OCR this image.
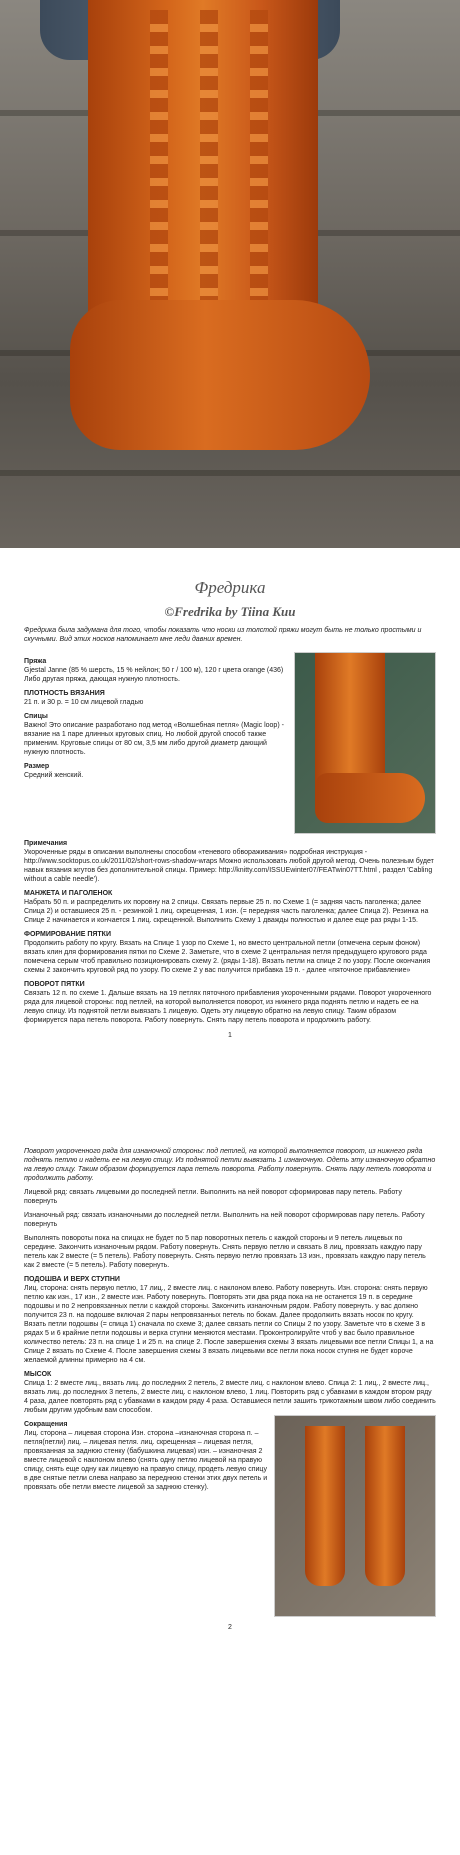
Фредрика
©Fredrika by Tiina Kuu
Фредрика была задумана для того, чтобы показать что носки из толстой пряжи могут быть не только простыми и скучными. Вид этих носков напоминает мне леди давних времен.
Пряжа
Gjestal Janne (85 % шерсть, 15 % нейлон; 50 г / 100 м), 120 г цвета orange (436) Либо другая пряжа, дающая нужную плотность.
ПЛОТНОСТЬ ВЯЗАНИЯ
21 п. и 30 р. = 10 см лицевой гладью
Спицы
Важно! Это описание разработано под метод «Волшебная петля» (Magic loop) - вязание на 1 паре длинных круговых спиц. Но любой другой способ также применим. Круговые спицы от 80 см, 3,5 мм либо другой диаметр дающий нужную плотность.
Размер
Средний женский.
Примечания
Укороченные ряды в описании выполнены способом «теневого обвораживания» подробная инструкция - http://www.socktopus.co.uk/2011/02/short-rows-shadow-wraps Можно использовать любой другой метод. Очень полезным будет навык вязания жгутов без дополнительной спицы. Пример: http://knitty.com/ISSUEwinter07/FEATwin07TT.html , раздел 'Cabling without a cable needle').
МАНЖЕТА И ПАГОЛЕНОК
Набрать 50 п. и распределить их поровну на 2 спицы. Связать первые 25 п. по Схеме 1 (= задняя часть паголенка; далее Спица 2) и оставшиеся 25 п. - резинкой 1 лиц. скрещенная, 1 изн. (= передняя часть паголенка; далее Спица 2). Резинка на Спице 2 начинается и кончается 1 лиц. скрещенной. Выполнить Схему 1 дважды полностью и далее еще раз ряды 1-15.
ФОРМИРОВАНИЕ ПЯТКИ
Продолжить работу по кругу. Вязать на Спице 1 узор по Схеме 1, но вместо центральной петли (отмечена серым фоном) вязать клин для формирования пятки по Схеме 2. Заметьте, что в схеме 2 центральная петля предыдущего кругового ряда помечена серым чтоб правильно позиционировать схему 2. (ряды 1-18). Вязать петли на спице 2 по узору. После окончания схемы 2 закончить круговой ряд по узору. По схеме 2 у вас получится прибавка 19 п. - далее «пяточное прибавление»
ПОВОРОТ ПЯТКИ
Связать 12 п. по схеме 1. Дальше вязать на 19 петлях пяточного прибавления укороченными рядами. Поворот укороченного ряда для лицевой стороны: под петлей, на которой выполняется поворот, из нижнего ряда поднять петлю и надеть ее на левую спицу. Из поднятой петли вывязать 1 лицевую. Одеть эту лицевую обратно на левую спицу. Таким образом формируется пара петель поворота. Работу повернуть. Снять пару петель поворота и продолжить работу.
1
Поворот укороченного ряда для изнаночной стороны: под петлей, на которой выполняется поворот, из нижнего ряда поднять петлю и надеть ее на левую спицу. Из поднятой петли вывязать 1 изнаночную. Одеть эту изнаночную обратно на левую спицу. Таким образом формируется пара петель поворота. Работу повернуть. Снять пару петель поворота и продолжить работу.
Лицевой ряд: связать лицевыми до последней петли. Выполнить на ней поворот сформировав пару петель. Работу повернуть
Изнаночный ряд: связать изнаночными до последней петли. Выполнить на ней поворот сформировав пару петель. Работу повернуть
Выполнять повороты пока на спицах не будет по 5 пар поворотных петель с каждой стороны и 9 петель лицевых по середине. Закончить изнаночным рядом. Работу повернуть. Снять первую петлю и связать 8 лиц, провязать каждую пару петель как 2 вместе (= 5 петель). Работу повернуть. Снять первую петлю провязать 13 изн., провязать каждую пару петель как 2 вместе (= 5 петель). Работу повернуть.
ПОДОШВА И ВЕРХ СТУПНИ
Лиц. сторона: снять первую петлю, 17 лиц., 2 вместе лиц. с наклоном влево. Работу повернуть. Изн. сторона: снять первую петлю как изн., 17 изн., 2 вместе изн. Работу повернуть. Повторять эти два ряда пока на не останется 19 п. в середине подошвы и по 2 непровязанных петли с каждой стороны. Закончить изнаночным рядом. Работу повернуть. у вас должно получится 23 п. на подошве включая 2 пары непровязанных петель по бокам. Далее продолжить вязать носок по кругу. Вязать петли подошвы (= спица 1) сначала по схеме 3; далее связать петли со Спицы 2 по узору. Заметьте что в схеме 3 в рядах 5 и 6 крайние петли подошвы и верха ступни меняются местами. Проконтролируйте чтоб у вас было правильное количество петель: 23 п. на спице 1 и 25 п. на спице 2. После завершения схемы 3 вязать лицевыми все петли Спицы 1, а на Спице 2 вязать по Схеме 4. После завершения схемы 3 вязать лицевыми все петли пока носок ступня не будет короче желаемой длинны примерно на 4 см.
МЫСОК
Спица 1: 2 вместе лиц., вязать лиц. до последних 2 петель, 2 вместе лиц. с наклоном влево. Спица 2: 1 лиц., 2 вместе лиц., вязать лиц. до последних 3 петель, 2 вместе лиц. с наклоном влево, 1 лиц. Повторить ряд с убавками в каждом втором ряду 4 раза, далее повторять ряд с убавками в каждом ряду 4 раза. Оставшиеся петли зашить трикотажным швом либо соединить любым другим удобным вам способом.
Сокращения
Лиц. сторона – лицевая сторона Изн. сторона –изнаночная сторона п. – петля(петли) лиц. – лицевая петля. лиц. скрещенная – лицевая петля, провязанная за заднюю стенку (бабушкина лицевая) изн. – изнаночная 2 вместе лицевой с наклоном влево (снять одну петлю лицевой на правую спицу, снять еще одну как лицевую на правую спицу, продеть левую спицу в две снятые петли слева направо за переднюю стенки этих двух петель и провязать обе петли вместе лицевой за заднюю стенку).
2
